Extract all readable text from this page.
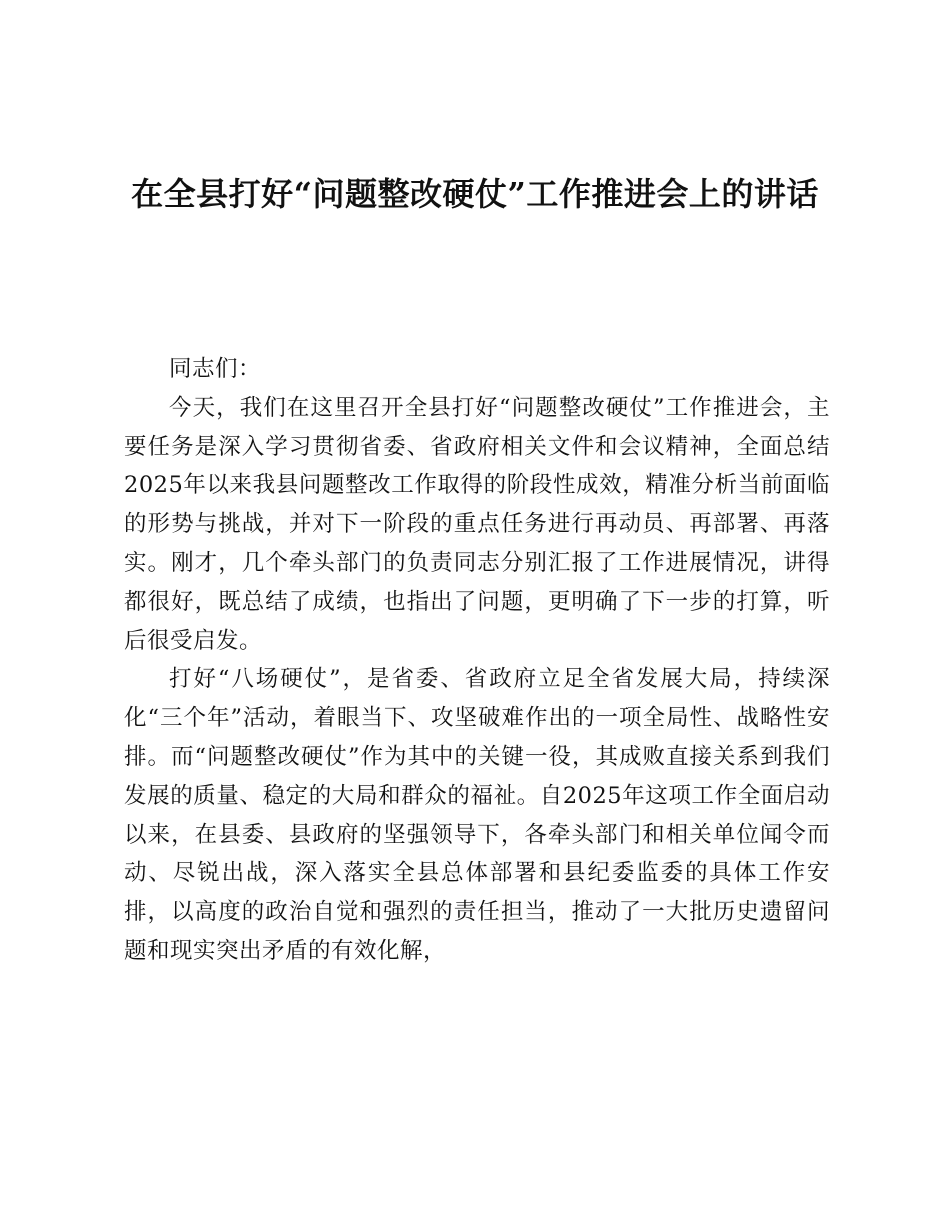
在全县打好“问题整改硬仗”工作推进会上的讲话

同志们：

今天，我们在这里召开全县打好“问题整改硬仗”工作推进会，主要任务是深入学习贯彻省委、省政府相关文件和会议精神，全面总结2025年以来我县问题整改工作取得的阶段性成效，精准分析当前面临的形势与挑战，并对下一阶段的重点任务进行再动员、再部署、再落实。刚才，几个牵头部门的负责同志分别汇报了工作进展情况，讲得都很好，既总结了成绩，也指出了问题，更明确了下一步的打算，听后很受启发。

打好“八场硬仗”，是省委、省政府立足全省发展大局，持续深化“三个年”活动，着眼当下、攻坚破难作出的一项全局性、战略性安排。而“问题整改硬仗”作为其中的关键一役，其成败直接关系到我们发展的质量、稳定的大局和群众的福祉。自2025年这项工作全面启动以来，在县委、县政府的坚强领导下，各牵头部门和相关单位闻令而动、尽锐出战，深入落实全县总体部署和县纪委监委的具体工作安排，以高度的政治自觉和强烈的责任担当，推动了一大批历史遗留问题和现实突出矛盾的有效化解，
